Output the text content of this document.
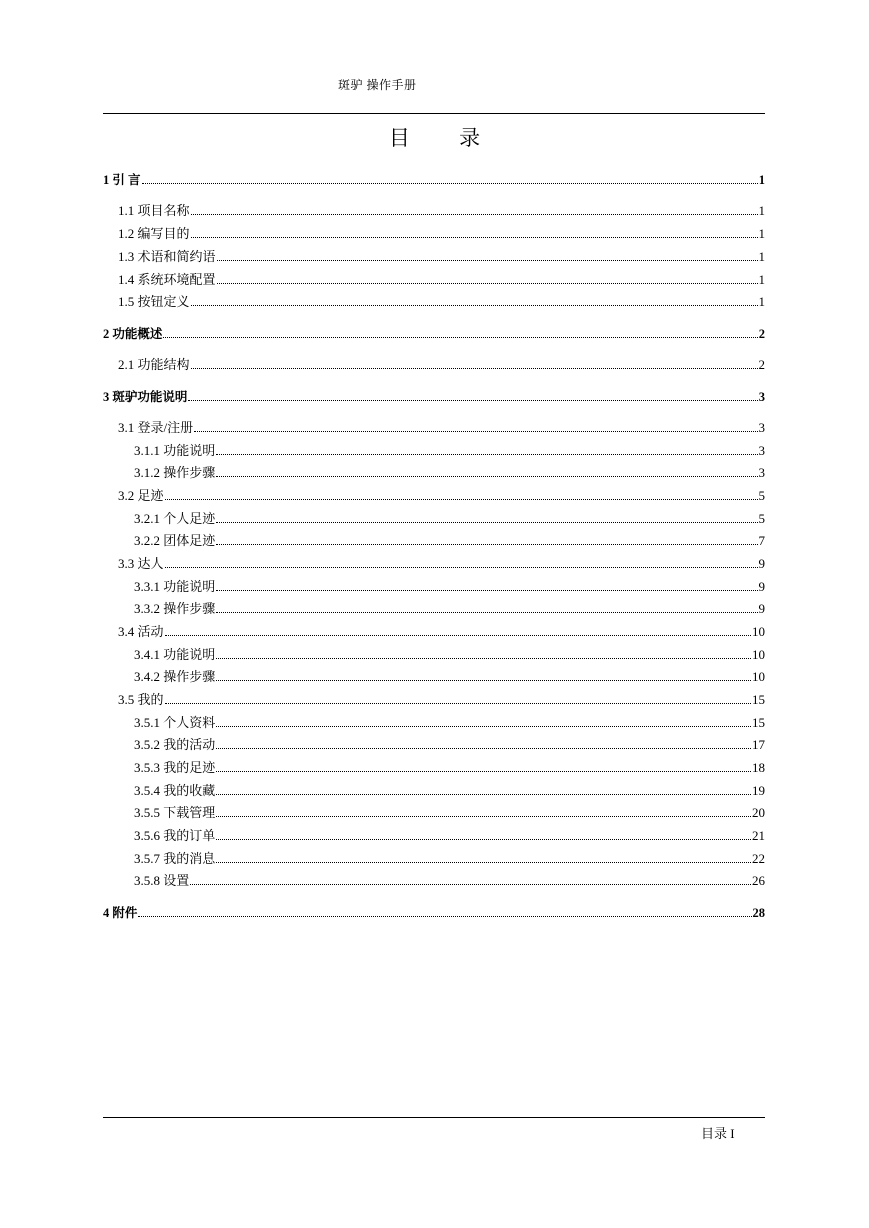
斑驴 操作手册
目 录
1 引 言	1
1.1 项目名称	1
1.2 编写目的	1
1.3 术语和简约语	1
1.4 系统环境配置	1
1.5 按钮定义	1
2 功能概述	2
2.1 功能结构	2
3 斑驴功能说明	3
3.1 登录/注册	3
3.1.1 功能说明	3
3.1.2 操作步骤	3
3.2 足迹	5
3.2.1 个人足迹	5
3.2.2 团体足迹	7
3.3 达人	9
3.3.1 功能说明	9
3.3.2 操作步骤	9
3.4 活动	10
3.4.1 功能说明	10
3.4.2 操作步骤	10
3.5 我的	15
3.5.1 个人资料	15
3.5.2 我的活动	17
3.5.3 我的足迹	18
3.5.4 我的收藏	19
3.5.5 下载管理	20
3.5.6 我的订单	21
3.5.7 我的消息	22
3.5.8 设置	26
4 附件	28
目录 I
